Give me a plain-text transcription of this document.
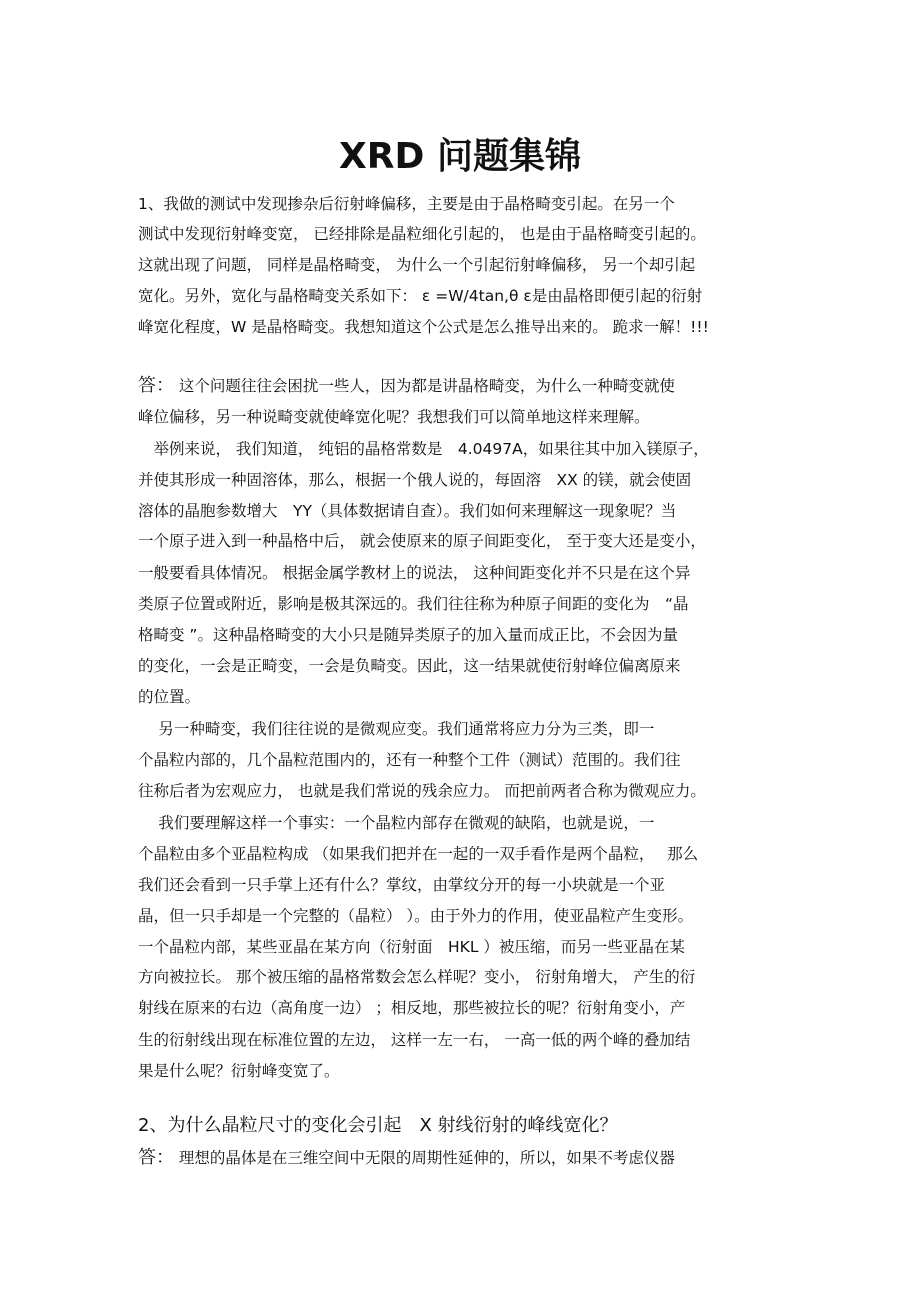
XRD 问题集锦

1、我做的测试中发现掺杂后衍射峰偏移，主要是由于晶格畸变引起。在另一个

测试中发现衍射峰变宽， 已经排除是晶粒细化引起的， 也是由于晶格畸变引起的。

这就出现了问题， 同样是晶格畸变， 为什么一个引起衍射峰偏移， 另一个却引起

宽化。另外，宽化与晶格畸变关系如下： ε =W/4tan,θ ε是由晶格即便引起的衍射

峰宽化程度，W 是晶格畸变。我想知道这个公式是怎么推导出来的。 跪求一解！!!!

答： 这个问题往往会困扰一些人，因为都是讲晶格畸变，为什么一种畸变就使

峰位偏移，另一种说畸变就使峰宽化呢？我想我们可以简单地这样来理解。

　举例来说， 我们知道， 纯铝的晶格常数是　4.0497A，如果往其中加入镁原子，

并使其形成一种固溶体，那么，根据一个俄人说的，每固溶　XX 的镁，就会使固

溶体的晶胞参数增大　YY（具体数据请自查）。我们如何来理解这一现象呢？当

一个原子进入到一种晶格中后， 就会使原来的原子间距变化， 至于变大还是变小，

一般要看具体情况。 根据金属学教材上的说法， 这种间距变化并不只是在这个异

类原子位置或附近，影响是极其深远的。我们往往称为种原子间距的变化为　“晶

格畸变 ”。这种晶格畸变的大小只是随异类原子的加入量而成正比，不会因为量

的变化，一会是正畸变，一会是负畸变。因此，这一结果就使衍射峰位偏离原来

的位置。

　 另一种畸变，我们往往说的是微观应变。我们通常将应力分为三类，即一

个晶粒内部的，几个晶粒范围内的，还有一种整个工件（测试）范围的。我们往

往称后者为宏观应力， 也就是我们常说的残余应力。 而把前两者合称为微观应力。

　 我们要理解这样一个事实：一个晶粒内部存在微观的缺陷，也就是说，一

个晶粒由多个亚晶粒构成 （如果我们把并在一起的一双手看作是两个晶粒，　 那么

我们还会看到一只手掌上还有什么？掌纹，由掌纹分开的每一小块就是一个亚

晶，但一只手却是一个完整的（晶粒） ）。由于外力的作用，使亚晶粒产生变形。

一个晶粒内部，某些亚晶在某方向（衍射面　HKL ）被压缩，而另一些亚晶在某

方向被拉长。 那个被压缩的晶格常数会怎么样呢？变小， 衍射角增大， 产生的衍

射线在原来的右边（高角度一边） ；相反地，那些被拉长的呢？衍射角变小，产

生的衍射线出现在标准位置的左边， 这样一左一右， 一高一低的两个峰的叠加结

果是什么呢？衍射峰变宽了。

2、为什么晶粒尺寸的变化会引起　X 射线衍射的峰线宽化？

答： 理想的晶体是在三维空间中无限的周期性延伸的，所以，如果不考虑仪器
